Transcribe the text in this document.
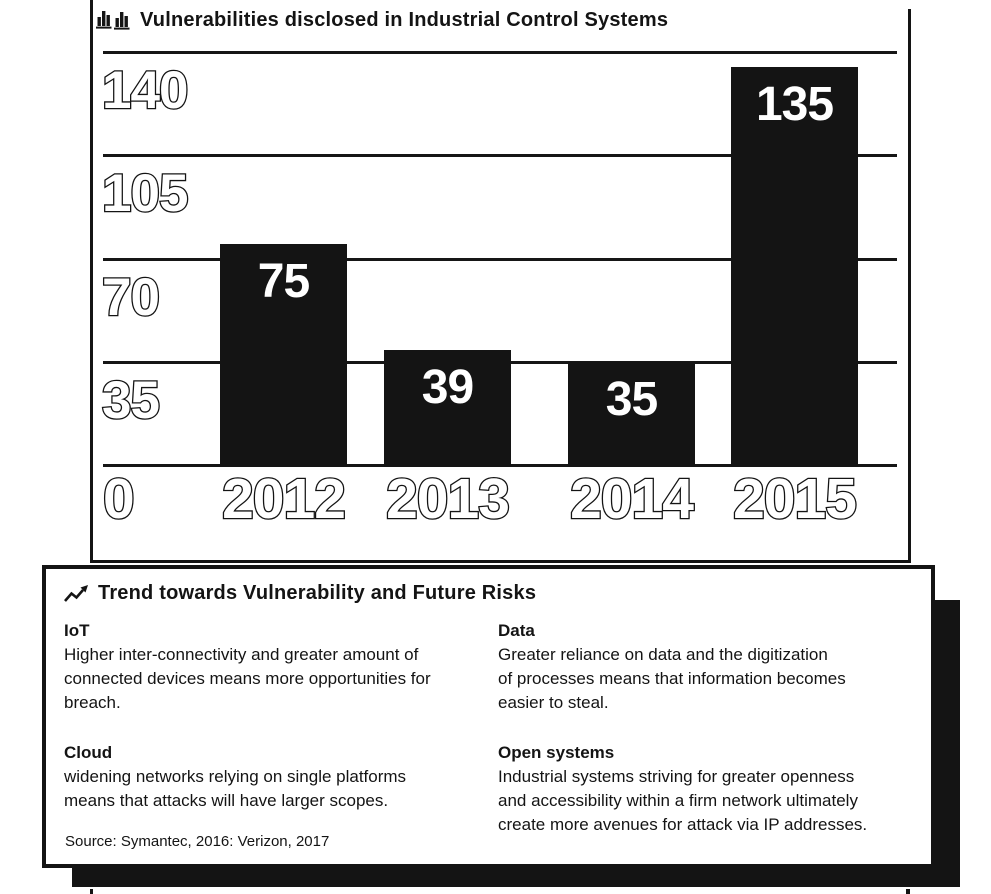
Vulnerabilities disclosed in Industrial Control Systems
35
70
105
140
0
75
2012
39
2013
35
2014
135
2015
Trend towards Vulnerability and Future Risks
IoT
Higher inter-connectivity and greater amount of
connected devices means more opportunities for
breach.
Cloud
widening networks relying on single platforms
means that attacks will have larger scopes.
Data
Greater reliance on data and the digitization
of processes means that information becomes
easier to steal.
Open systems
Industrial systems striving for greater openness
and accessibility within a firm network ultimately
create more avenues for attack via IP addresses.
Source: Symantec, 2016: Verizon, 2017
